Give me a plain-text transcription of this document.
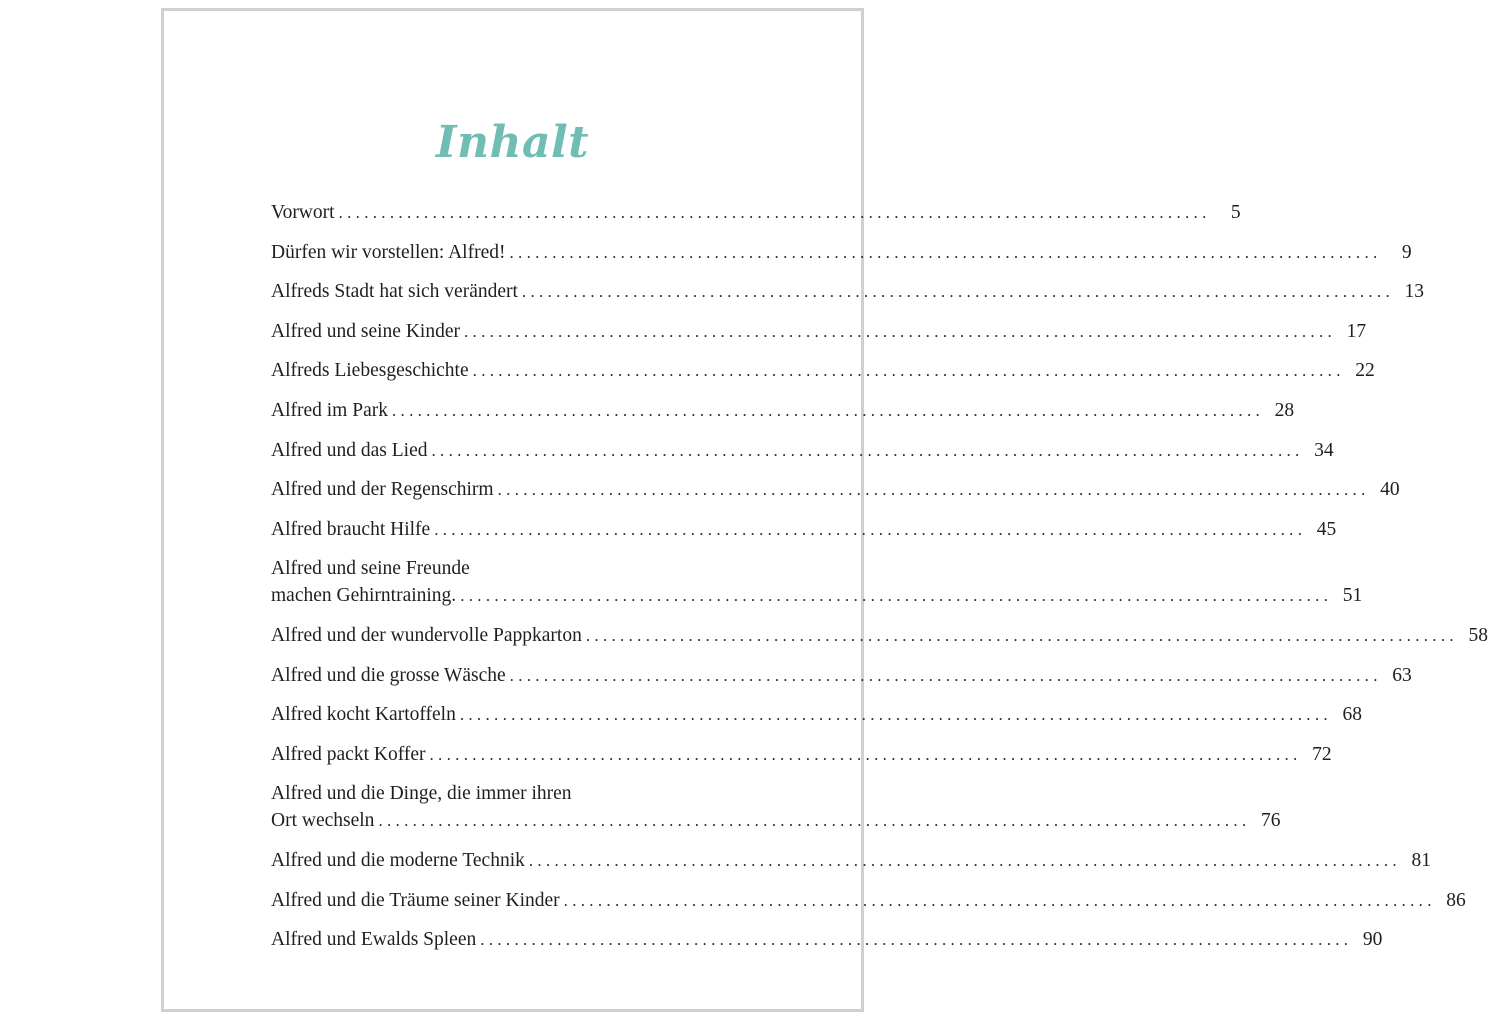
Inhalt
Vorwort ......................................................................................................	5
Dürfen wir vorstellen: Alfred! ......................................................................................................	9
Alfreds Stadt hat sich verändert ...................................................................................................... 13
Alfred und seine Kinder ...................................................................................................... 17
Alfreds Liebesgeschichte ...................................................................................................... 22
Alfred im Park ...................................................................................................... 28
Alfred und das Lied ...................................................................................................... 34
Alfred und der Regenschirm ...................................................................................................... 40
Alfred braucht Hilfe ...................................................................................................... 45
Alfred und seine Freunde
machen Gehirntraining. ...................................................................................................... 51
Alfred und der wundervolle Pappkarton ...................................................................................................... 58
Alfred und die grosse Wäsche ...................................................................................................... 63
Alfred kocht Kartoffeln ...................................................................................................... 68
Alfred packt Koffer ...................................................................................................... 72
Alfred und die Dinge, die immer ihren
Ort wechseln ...................................................................................................... 76
Alfred und die moderne Technik ...................................................................................................... 81
Alfred und die Träume seiner Kinder ...................................................................................................... 86
Alfred und Ewalds Spleen ...................................................................................................... 90
